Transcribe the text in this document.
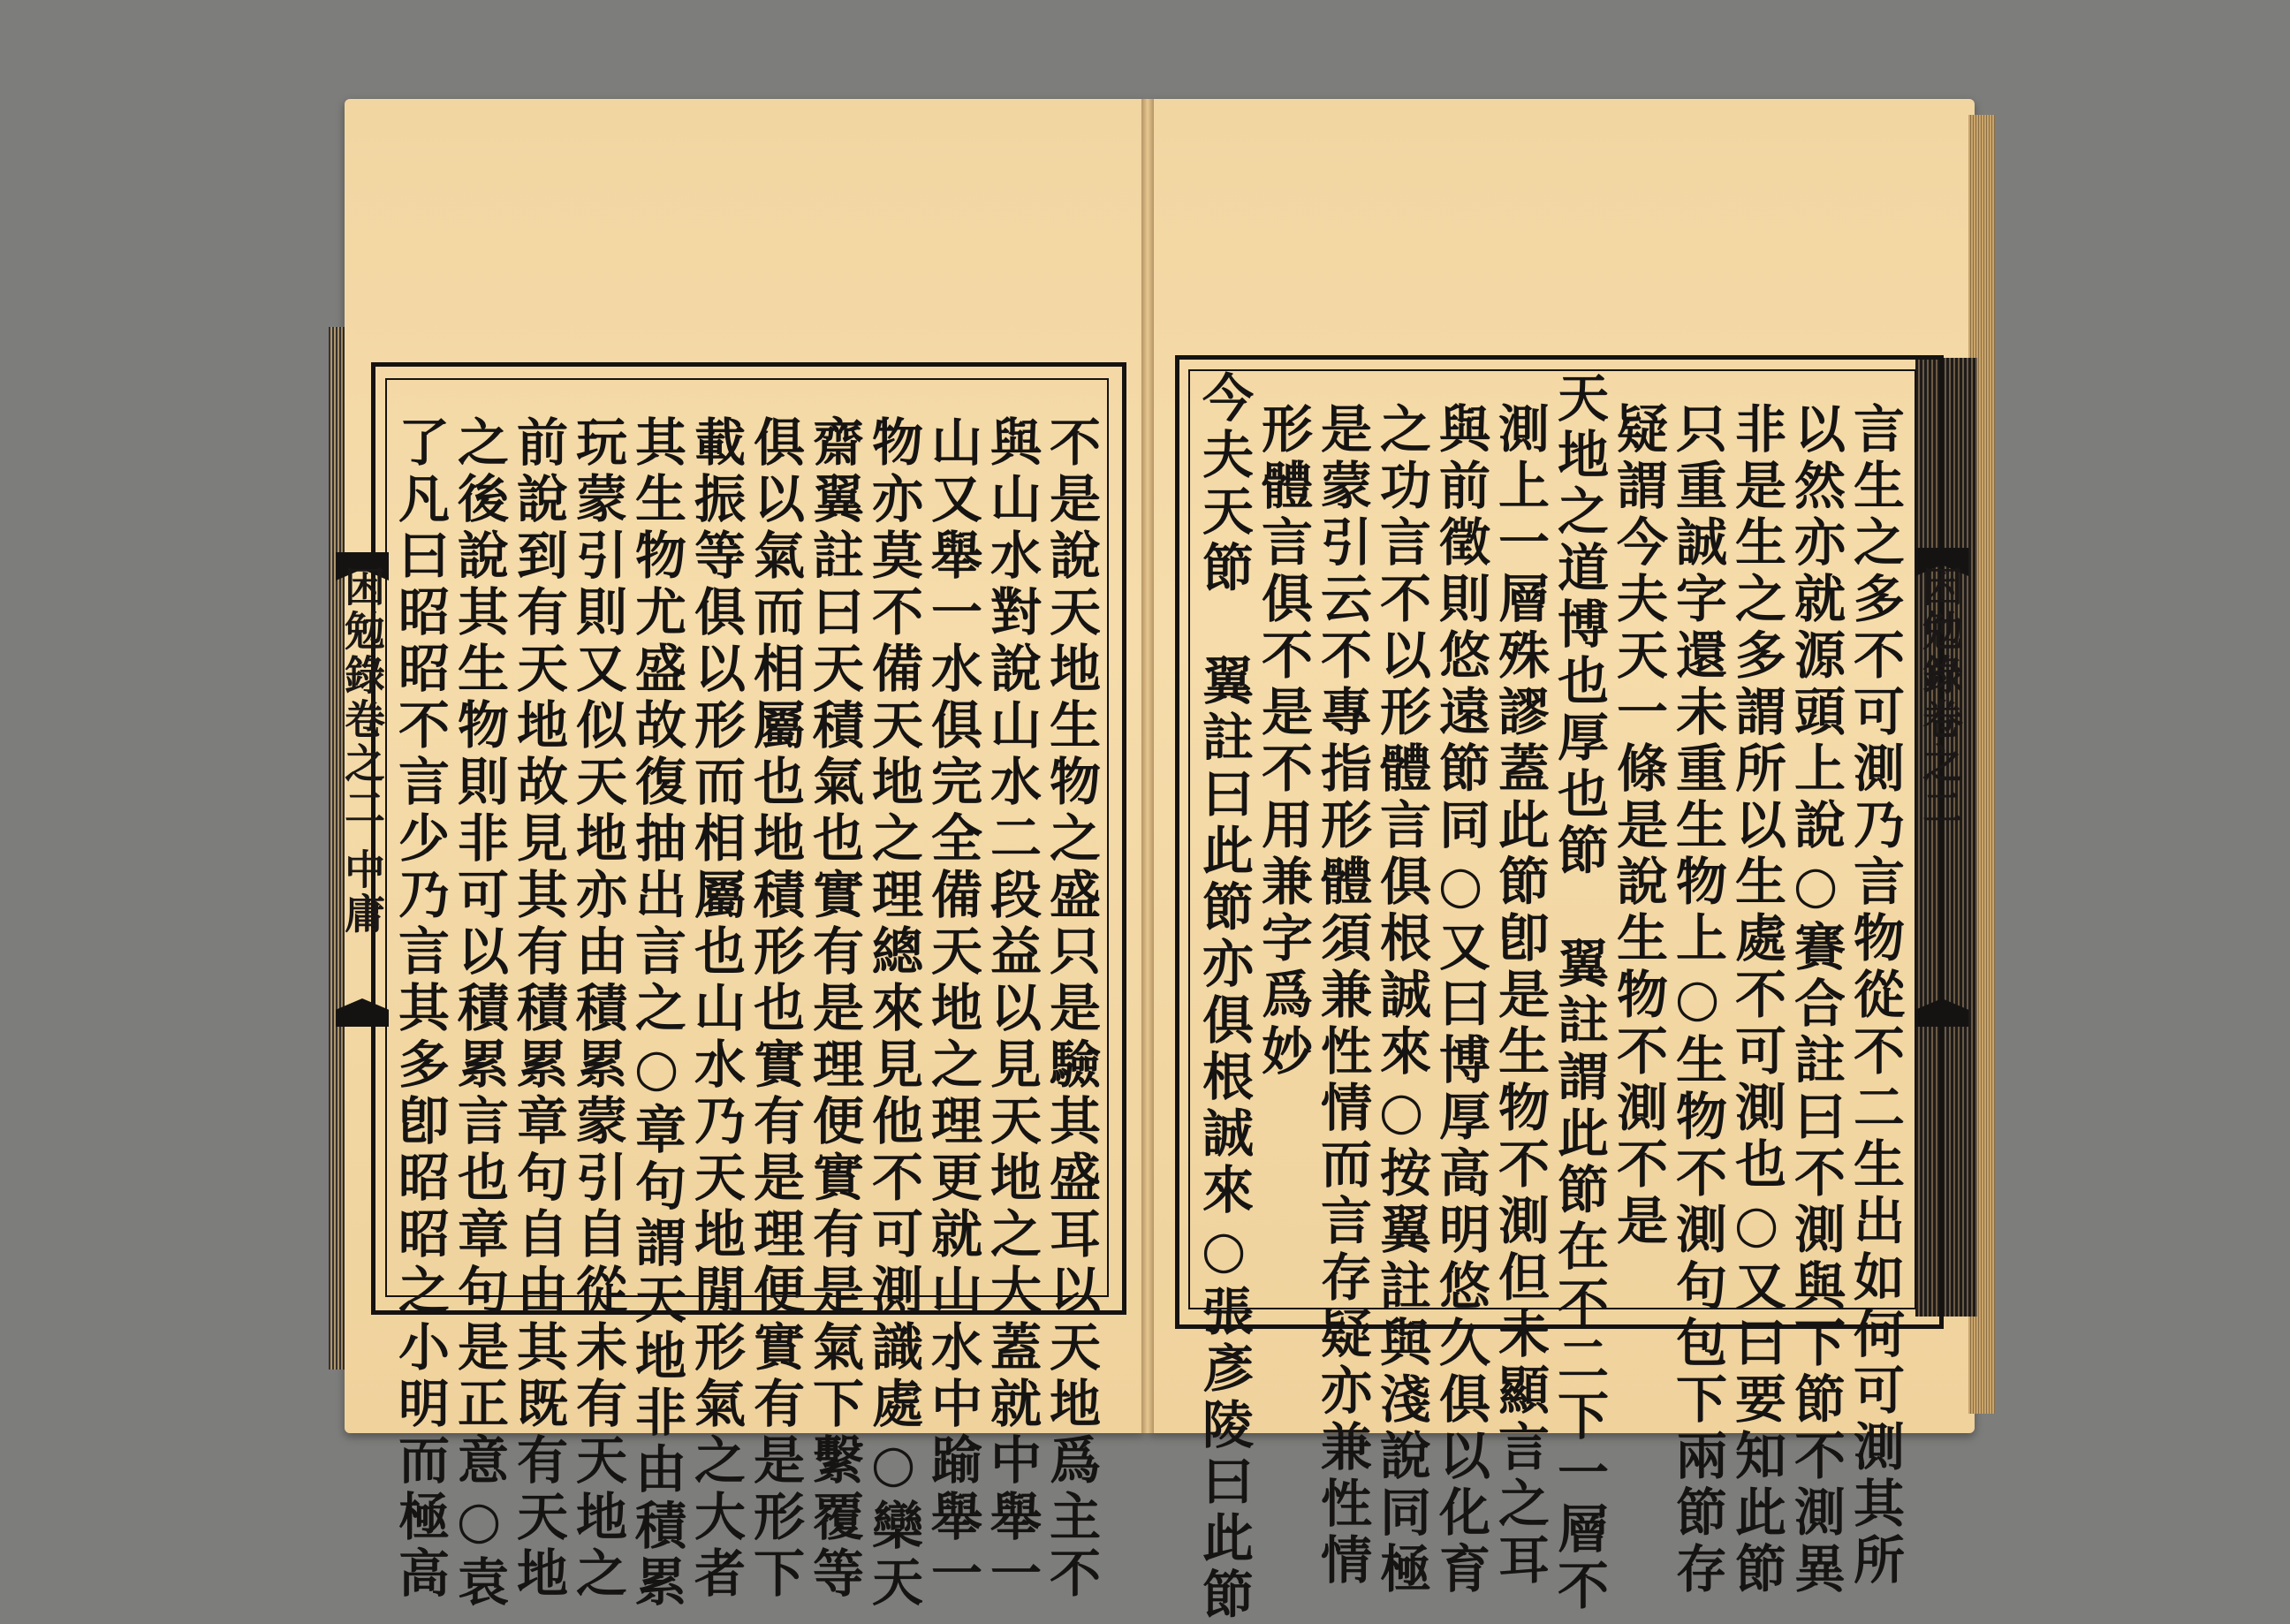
困勉錄卷之二 中庸	困勉錄卷之二
不是說天地生物之盛只是驗其盛耳以天地爲主不
與山水對說山水二段益以見天地之大蓋就中舉一
山又舉一水俱完全備天地之理更就山水中踰舉一
物亦莫不備天地之理總來見他不可測識處○欒天
齋翼註曰天積氣也實有是理便實有是氣下繫覆等
俱以氣而相屬也地積形也實有是理便實有是形下
載振等俱以形而相屬也山水乃天地閒形氣之大者
其生物尤盛故復抽出言之○章句謂天地非由積累
玩蒙引則又似天地亦由積累蒙引自從未有天地之
前說到有天地故見其有積累章句自由其既有天地
之後說其生物則非可以積累言也章句是正意○袁
了凡曰昭昭不言少乃言其多卽昭昭之小明而極高	言生之多不可測乃言物從不二生出如何可測其所
以然亦就源頭上說○賽合註曰不測與下節不測異
非是生之多謂所以生處不可測也○又曰要知此節
只重誠字還未重生物上○生物不測句包下兩節存
疑謂今夫天一條是說生物不測不是
天地之道博也厚也節　翼註謂此節在不二下一層不
測上一層殊謬蓋此節卽是生物不測但未顯言之耳
與前徵則悠遠節同○又曰博厚高明悠久俱以化育
之功言不以形體言俱根誠來○按翼註與淺說同極
是蒙引云不專指形體須兼性情而言存疑亦兼性情
形體言俱不是不用兼字爲妙
今夫天節　翼註曰此節亦俱根誠來○張彥陵曰此節
